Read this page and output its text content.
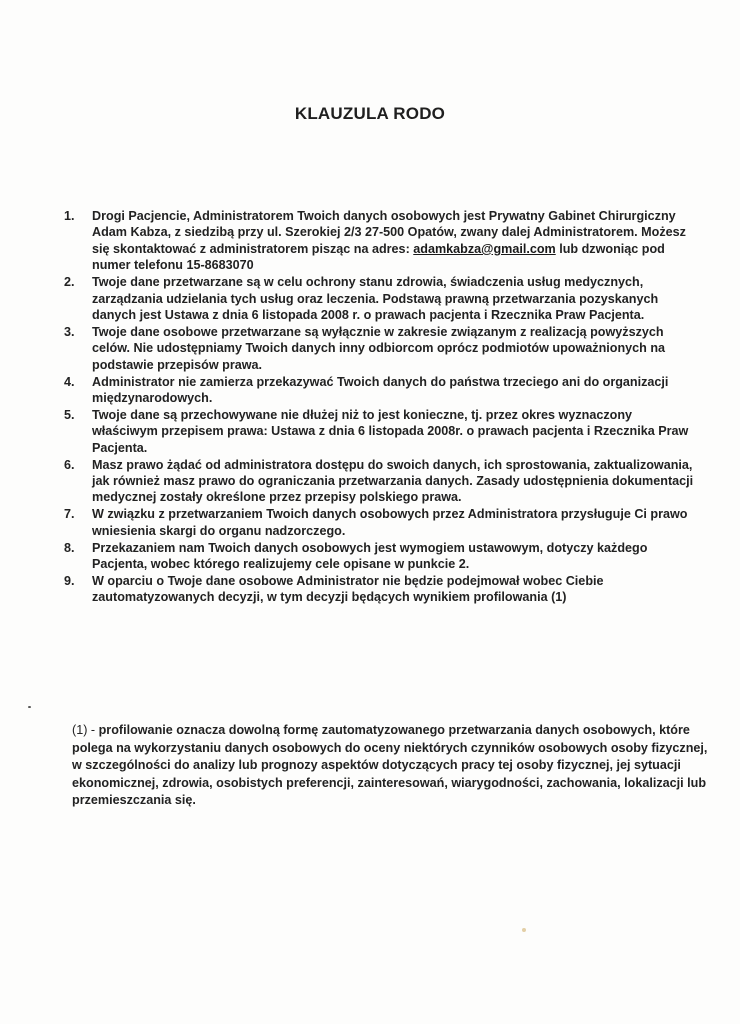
KLAUZULA RODO
1.	Drogi Pacjencie, Administratorem Twoich danych osobowych jest Prywatny Gabinet Chirurgiczny Adam Kabza, z siedzibą przy ul. Szerokiej 2/3 27-500 Opatów, zwany dalej Administratorem. Możesz się skontaktować z administratorem pisząc na adres: adamkabza@gmail.com lub dzwoniąc pod numer telefonu 15-8683070
2.	Twoje dane przetwarzane są w celu ochrony stanu zdrowia, świadczenia usług medycznych, zarządzania udzielania tych usług oraz leczenia. Podstawą prawną przetwarzania pozyskanych danych jest Ustawa z dnia 6 listopada 2008 r. o prawach pacjenta i Rzecznika Praw Pacjenta.
3.	Twoje dane osobowe przetwarzane są wyłącznie w zakresie związanym z realizacją powyższych celów. Nie udostępniamy Twoich danych inny odbiorcom oprócz podmiotów upoważnionych na podstawie przepisów prawa.
4.	Administrator nie zamierza przekazywać Twoich danych do państwa trzeciego ani do organizacji międzynarodowych.
5.	Twoje dane są przechowywane nie dłużej niż to jest konieczne, tj. przez okres wyznaczony właściwym przepisem prawa: Ustawa z dnia 6 listopada 2008r. o prawach pacjenta i Rzecznika Praw Pacjenta.
6.	Masz prawo żądać od administratora dostępu do swoich danych, ich sprostowania, zaktualizowania, jak również masz prawo do ograniczania przetwarzania danych. Zasady udostępnienia dokumentacji medycznej zostały określone przez przepisy polskiego prawa.
7.	W związku z przetwarzaniem Twoich danych osobowych przez Administratora przysługuje Ci prawo wniesienia skargi do organu nadzorczego.
8.	Przekazaniem nam Twoich danych osobowych jest wymogiem ustawowym, dotyczy każdego Pacjenta, wobec którego realizujemy cele opisane w punkcie 2.
9.	W oparciu o Twoje dane osobowe Administrator nie będzie podejmował wobec Ciebie zautomatyzowanych decyzji, w tym decyzji będących wynikiem profilowania (1)

(1) - profilowanie oznacza dowolną formę zautomatyzowanego przetwarzania danych osobowych, które polega na wykorzystaniu danych osobowych do oceny niektórych czynników osobowych osoby fizycznej, w szczególności do analizy lub prognozy aspektów dotyczących pracy tej osoby fizycznej, jej sytuacji ekonomicznej, zdrowia, osobistych preferencji, zainteresowań, wiarygodności, zachowania, lokalizacji lub przemieszczania się.
